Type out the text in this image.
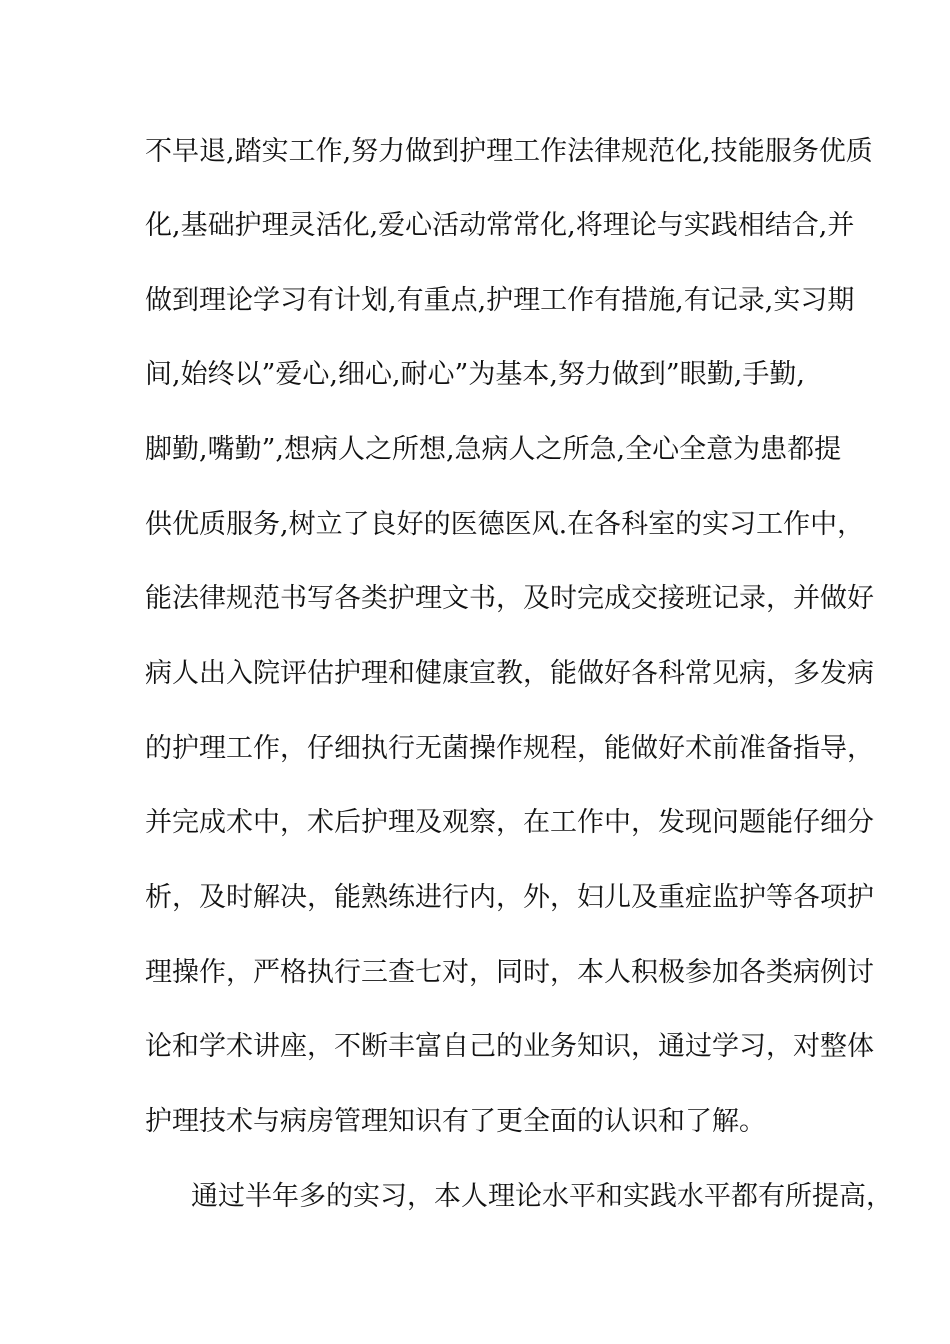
不早退,踏实工作,努力做到护理工作法律规范化,技能服务优质
化,基础护理灵活化,爱心活动常常化,将理论与实践相结合,并
做到理论学习有计划,有重点,护理工作有措施,有记录,实习期
间,始终以”爱心,细心,耐心”为基本,努力做到”眼勤,手勤,
脚勤,嘴勤”,想病人之所想,急病人之所急,全心全意为患都提
供优质服务,树立了良好的医德医风.在各科室的实习工作中，
能法律规范书写各类护理文书，及时完成交接班记录，并做好
病人出入院评估护理和健康宣教，能做好各科常见病，多发病
的护理工作，仔细执行无菌操作规程，能做好术前准备指导，
并完成术中，术后护理及观察，在工作中，发现问题能仔细分
析，及时解决，能熟练进行内，外，妇儿及重症监护等各项护
理操作，严格执行三查七对，同时，本人积极参加各类病例讨
论和学术讲座，不断丰富自己的业务知识，通过学习，对整体
护理技术与病房管理知识有了更全面的认识和了解。
通过半年多的实习，本人理论水平和实践水平都有所提高，
